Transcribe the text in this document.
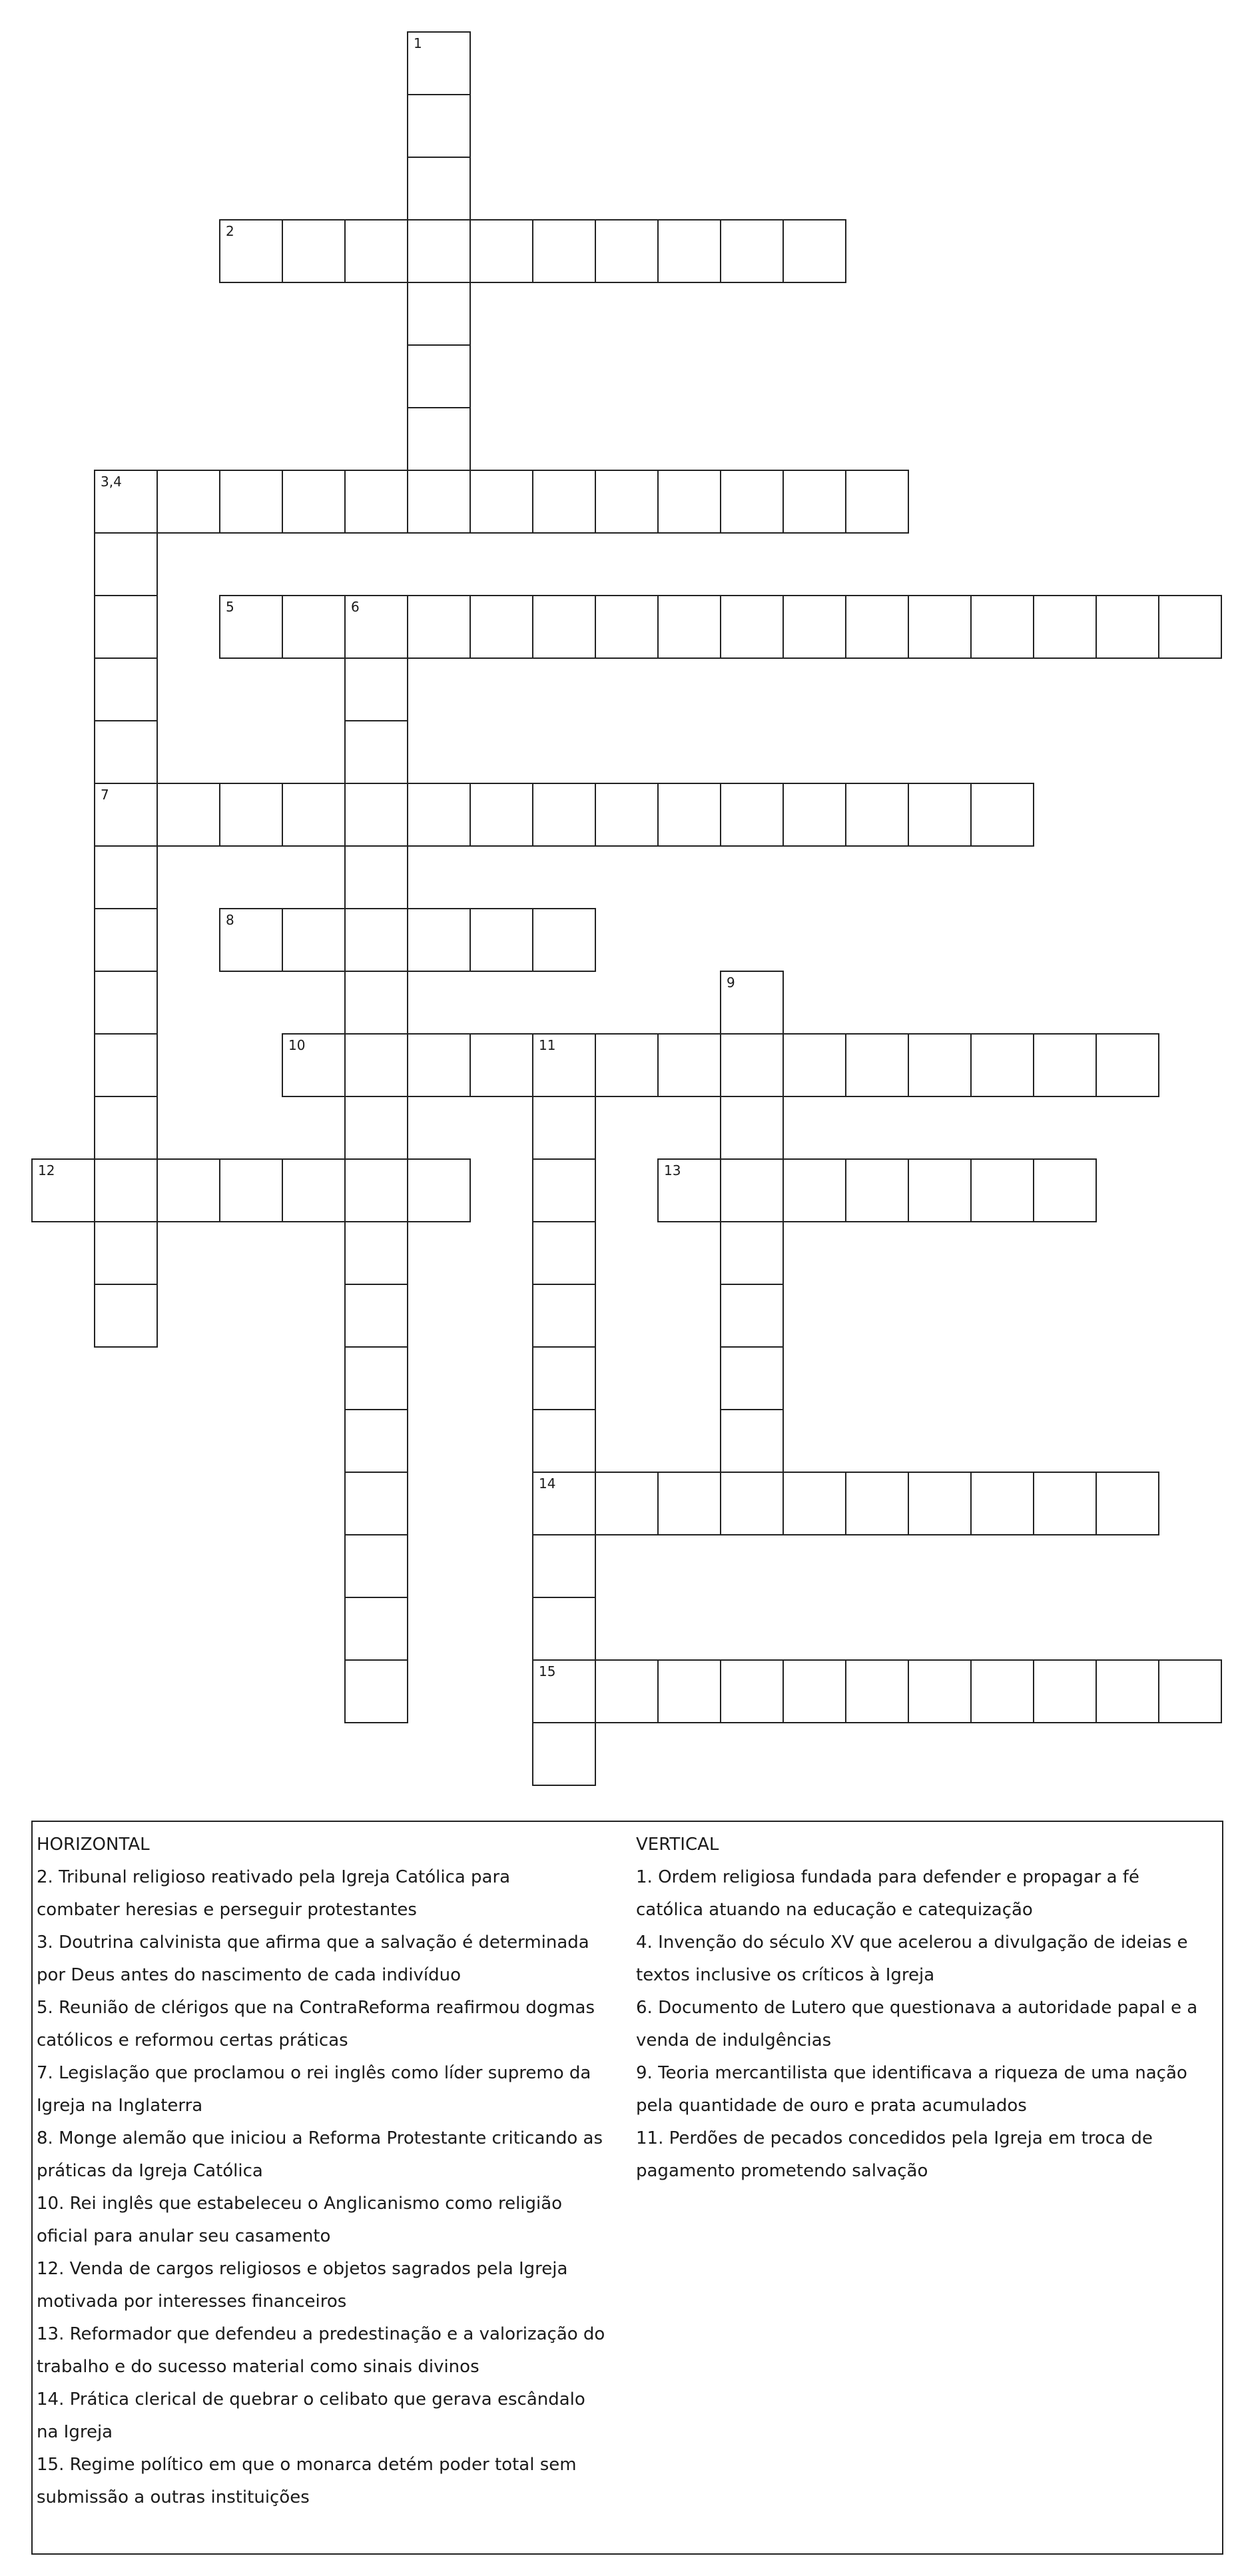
1
2
3,4
5	6
7
8
9
10	11
12	13
14
15
HORIZONTAL
2. Tribunal religioso reativado pela Igreja Católica para
combater heresias e perseguir protestantes
3. Doutrina calvinista que afirma que a salvação é determinada
por Deus antes do nascimento de cada indivíduo
5. Reunião de clérigos que na ContraReforma reafirmou dogmas
católicos e reformou certas práticas
7. Legislação que proclamou o rei inglês como líder supremo da
Igreja na Inglaterra
8. Monge alemão que iniciou a Reforma Protestante criticando as
práticas da Igreja Católica
10. Rei inglês que estabeleceu o Anglicanismo como religião
oficial para anular seu casamento
12. Venda de cargos religiosos e objetos sagrados pela Igreja
motivada por interesses financeiros
13. Reformador que defendeu a predestinação e a valorização do
trabalho e do sucesso material como sinais divinos
14. Prática clerical de quebrar o celibato que gerava escândalo
na Igreja
15. Regime político em que o monarca detém poder total sem
submissão a outras instituições
VERTICAL
1. Ordem religiosa fundada para defender e propagar a fé
católica atuando na educação e catequização
4. Invenção do século XV que acelerou a divulgação de ideias e
textos inclusive os críticos à Igreja
6. Documento de Lutero que questionava a autoridade papal e a
venda de indulgências
9. Teoria mercantilista que identificava a riqueza de uma nação
pela quantidade de ouro e prata acumulados
11. Perdões de pecados concedidos pela Igreja em troca de
pagamento prometendo salvação
